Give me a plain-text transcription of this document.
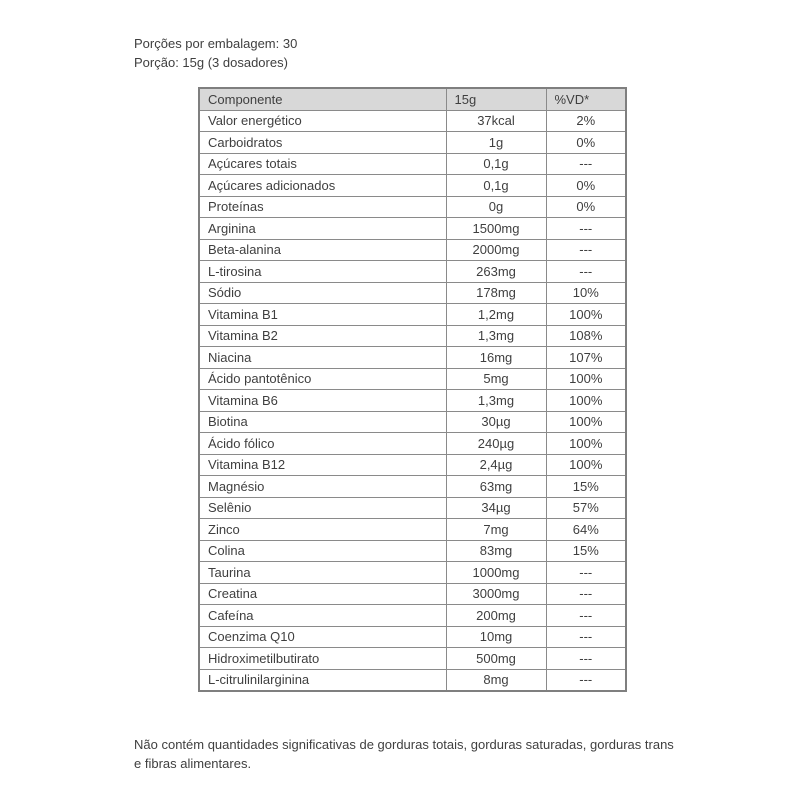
Porções por embalagem: 30
Porção: 15g (3 dosadores)
Componente	15g	%VD*
Valor energético	37kcal	2%
Carboidratos	1g	0%
Açúcares totais	0,1g	---
Açúcares adicionados	0,1g	0%
Proteínas	0g	0%
Arginina	1500mg	---
Beta-alanina	2000mg	---
L-tirosina	263mg	---
Sódio	178mg	10%
Vitamina B1	1,2mg	100%
Vitamina B2	1,3mg	108%
Niacina	16mg	107%
Ácido pantotênico	5mg	100%
Vitamina B6	1,3mg	100%
Biotina	30µg	100%
Ácido fólico	240µg	100%
Vitamina B12	2,4µg	100%
Magnésio	63mg	15%
Selênio	34µg	57%
Zinco	7mg	64%
Colina	83mg	15%
Taurina	1000mg	---
Creatina	3000mg	---
Cafeína	200mg	---
Coenzima Q10	10mg	---
Hidroximetilbutirato	500mg	---
L-citrulinilarginina	8mg	---

Não contém quantidades significativas de gorduras totais, gorduras saturadas, gorduras trans e fibras alimentares.
